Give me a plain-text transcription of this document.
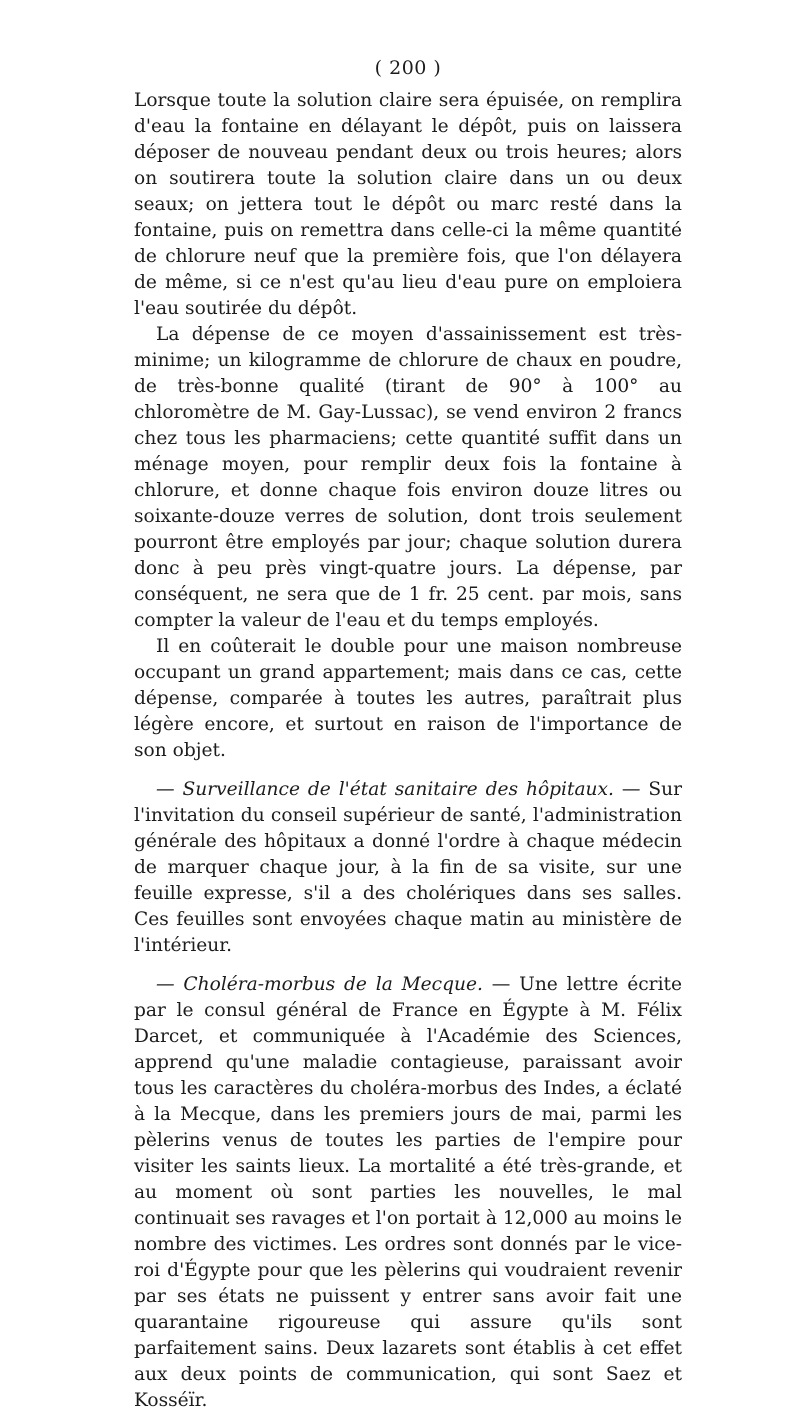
( 200 )

Lorsque toute la solution claire sera épuisée, on remplira d'eau la fontaine en délayant le dépôt, puis on laissera déposer de nouveau pendant deux ou trois heures; alors on soutirera toute la solution claire dans un ou deux seaux; on jettera tout le dépôt ou marc resté dans la fontaine, puis on remettra dans celle-ci la même quantité de chlorure neuf que la première fois, que l'on délayera de même, si ce n'est qu'au lieu d'eau pure on emploiera l'eau soutirée du dépôt.

La dépense de ce moyen d'assainissement est très-minime; un kilogramme de chlorure de chaux en poudre, de très-bonne qualité (tirant de 90° à 100° au chloromètre de M. Gay-Lussac), se vend environ 2 francs chez tous les pharmaciens; cette quantité suffit dans un ménage moyen, pour remplir deux fois la fontaine à chlorure, et donne chaque fois environ douze litres ou soixante-douze verres de solution, dont trois seulement pourront être employés par jour; chaque solution durera donc à peu près vingt-quatre jours. La dépense, par conséquent, ne sera que de 1 fr. 25 cent. par mois, sans compter la valeur de l'eau et du temps employés.

Il en coûterait le double pour une maison nombreuse occupant un grand appartement; mais dans ce cas, cette dépense, comparée à toutes les autres, paraîtrait plus légère encore, et surtout en raison de l'importance de son objet.

— Surveillance de l'état sanitaire des hôpitaux. — Sur l'invitation du conseil supérieur de santé, l'administration générale des hôpitaux a donné l'ordre à chaque médecin de marquer chaque jour, à la fin de sa visite, sur une feuille expresse, s'il a des cholériques dans ses salles. Ces feuilles sont envoyées chaque matin au ministère de l'intérieur.

— Choléra-morbus de la Mecque. — Une lettre écrite par le consul général de France en Égypte à M. Félix Darcet, et communiquée à l'Académie des Sciences, apprend qu'une maladie contagieuse, paraissant avoir tous les caractères du choléra-morbus des Indes, a éclaté à la Mecque, dans les premiers jours de mai, parmi les pèlerins venus de toutes les parties de l'empire pour visiter les saints lieux. La mortalité a été très-grande, et au moment où sont parties les nouvelles, le mal continuait ses ravages et l'on portait à 12,000 au moins le nombre des victimes. Les ordres sont donnés par le vice-roi d'Égypte pour que les pèlerins qui voudraient revenir par ses états ne puissent y entrer sans avoir fait une quarantaine rigoureuse qui assure qu'ils sont parfaitement sains. Deux lazarets sont établis à cet effet aux deux points de communication, qui sont Saez et Kosséïr.
